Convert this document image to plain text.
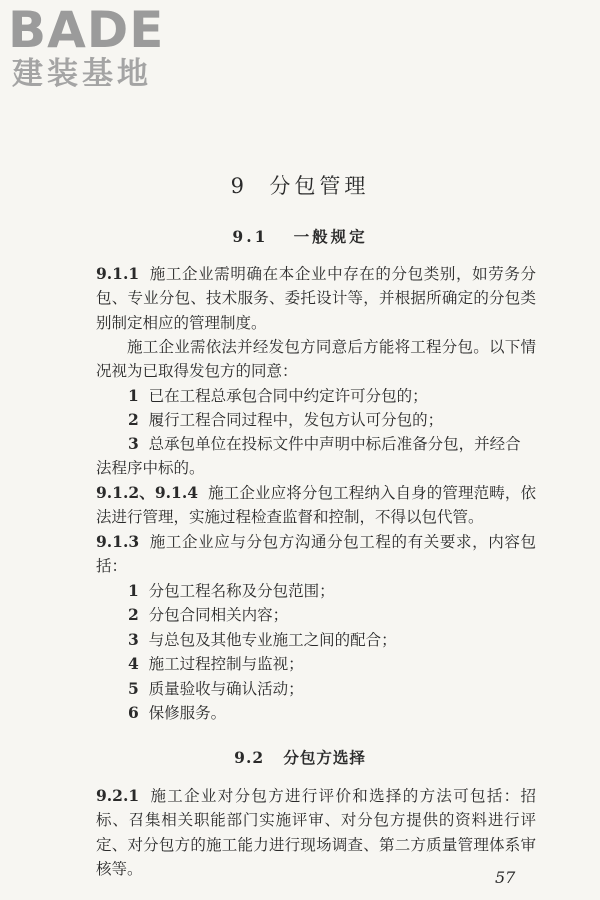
BADE
建装基地
9 分包管理
9.1 一般规定
9.1.1 施工企业需明确在本企业中存在的分包类别，如劳务分包、专业分包、技术服务、委托设计等，并根据所确定的分包类别制定相应的管理制度。
施工企业需依法并经发包方同意后方能将工程分包。以下情况视为已取得发包方的同意：
1 已在工程总承包合同中约定许可分包的；
2 履行工程合同过程中，发包方认可分包的；
3 总承包单位在投标文件中声明中标后准备分包，并经合法程序中标的。
9.1.2、9.1.4 施工企业应将分包工程纳入自身的管理范畴，依法进行管理，实施过程检查监督和控制，不得以包代管。
9.1.3 施工企业应与分包方沟通分包工程的有关要求，内容包括：
1 分包工程名称及分包范围；
2 分包合同相关内容；
3 与总包及其他专业施工之间的配合；
4 施工过程控制与监视；
5 质量验收与确认活动；
6 保修服务。
9.2 分包方选择
9.2.1 施工企业对分包方进行评价和选择的方法可包括：招标、召集相关职能部门实施评审、对分包方提供的资料进行评定、对分包方的施工能力进行现场调查、第二方质量管理体系审核等。	57
